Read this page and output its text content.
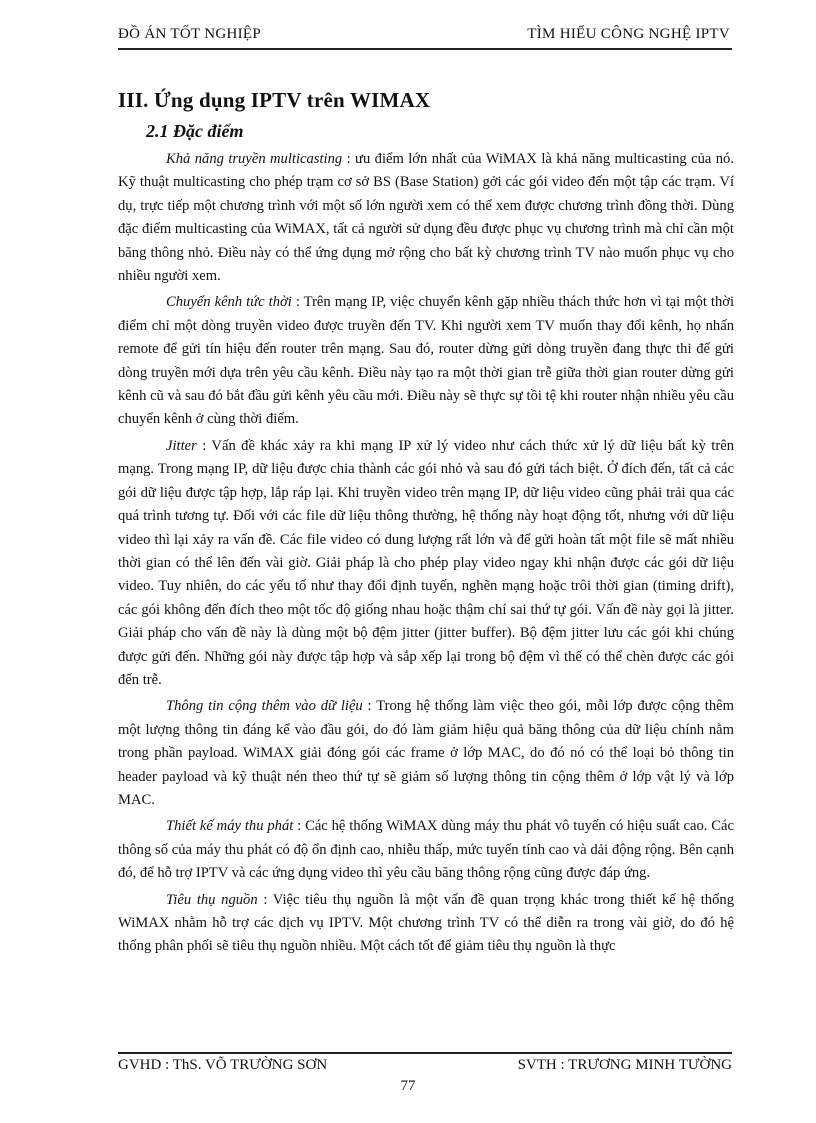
ĐỒ ÁN TỐT NGHIỆP	TÌM HIỂU CÔNG NGHỆ IPTV
III. Ứng dụng IPTV trên WIMAX
2.1 Đặc điểm

Khả năng truyền multicasting : ưu điểm lớn nhất của WiMAX là khả năng multicasting của nó. Kỹ thuật multicasting cho phép trạm cơ sở BS (Base Station) gởi các gói video đến một tập các trạm. Ví dụ, trực tiếp một chương trình với một số lớn người xem có thể xem được chương trình đồng thời. Dùng đặc điểm multicasting của WiMAX, tất cả người sử dụng đều được phục vụ chương trình mà chỉ cần một băng thông nhỏ. Điều này có thể ứng dụng mở rộng cho bất kỳ chương trình TV nào muốn phục vụ cho nhiều người xem.

Chuyển kênh tức thời : Trên mạng IP, việc chuyển kênh gặp nhiều thách thức hơn vì tại một thời điểm chỉ một dòng truyền video được truyền đến TV. Khi người xem TV muốn thay đổi kênh, họ nhấn remote để gửi tín hiệu đến router trên mạng. Sau đó, router dừng gửi dòng truyền đang thực thi để gửi dòng truyền mới dựa trên yêu cầu kênh. Điều này tạo ra một thời gian trễ giữa thời gian router dừng gửi kênh cũ và sau đó bắt đầu gửi kênh yêu cầu mới. Điều này sẽ thực sự tồi tệ khi router nhận nhiều yêu cầu chuyển kênh ở cùng thời điểm.

Jitter : Vấn đề khác xảy ra khi mạng IP xử lý video như cách thức xử lý dữ liệu bất kỳ trên mạng. Trong mạng IP, dữ liệu được chia thành các gói nhỏ và sau đó gửi tách biệt. Ở đích đến, tất cả các gói dữ liệu được tập hợp, lắp ráp lại. Khi truyền video trên mạng IP, dữ liệu video cũng phải trải qua các quá trình tương tự. Đối với các file dữ liệu thông thường, hệ thống này hoạt động tốt, nhưng với dữ liệu video thì lại xảy ra vấn đề. Các file video có dung lượng rất lớn và để gửi hoàn tất một file sẽ mất nhiều thời gian có thể lên đến vài giờ. Giải pháp là cho phép play video ngay khi nhận được các gói dữ liệu video. Tuy nhiên, do các yếu tố như thay đổi định tuyến, nghẽn mạng hoặc trôi thời gian (timing drift), các gói không đến đích theo một tốc độ giống nhau hoặc thậm chí sai thứ tự gói. Vấn đề này gọi là jitter. Giải pháp cho vấn đề này là dùng một bộ đệm jitter (jitter buffer). Bộ đệm jitter lưu các gói khi chúng được gửi đến. Những gói này được tập hợp và sắp xếp lại trong bộ đệm vì thế có thể chèn được các gói đến trễ.

Thông tin cộng thêm vào dữ liệu : Trong hệ thống làm việc theo gói, mỗi lớp được cộng thêm một lượng thông tin đáng kể vào đầu gói, do đó làm giảm hiệu quả băng thông của dữ liệu chính nằm trong phần payload. WiMAX giải đóng gói các frame ở lớp MAC, do đó nó có thể loại bỏ thông tin header payload và kỹ thuật nén theo thứ tự sẽ giảm số lượng thông tin cộng thêm ở lớp vật lý và lớp MAC.

Thiết kế máy thu phát : Các hệ thống WiMAX dùng máy thu phát vô tuyến có hiệu suất cao. Các thông số của máy thu phát có độ ổn định cao, nhiễu thấp, mức tuyến tính cao và dải động rộng. Bên cạnh đó, để hỗ trợ IPTV và các ứng dụng video thì yêu cầu băng thông rộng cũng được đáp ứng.

Tiêu thụ nguồn : Việc tiêu thụ nguồn là một vấn đề quan trọng khác trong thiết kế hệ thống WiMAX nhằm hỗ trợ các dịch vụ IPTV. Một chương trình TV có thể diễn ra trong vài giờ, do đó hệ thống phân phối sẽ tiêu thụ nguồn nhiều. Một cách tốt để giảm tiêu thụ nguồn là thực

GVHD : ThS. VÕ TRƯỜNG SƠN	SVTH : TRƯƠNG MINH TƯỜNG
77
